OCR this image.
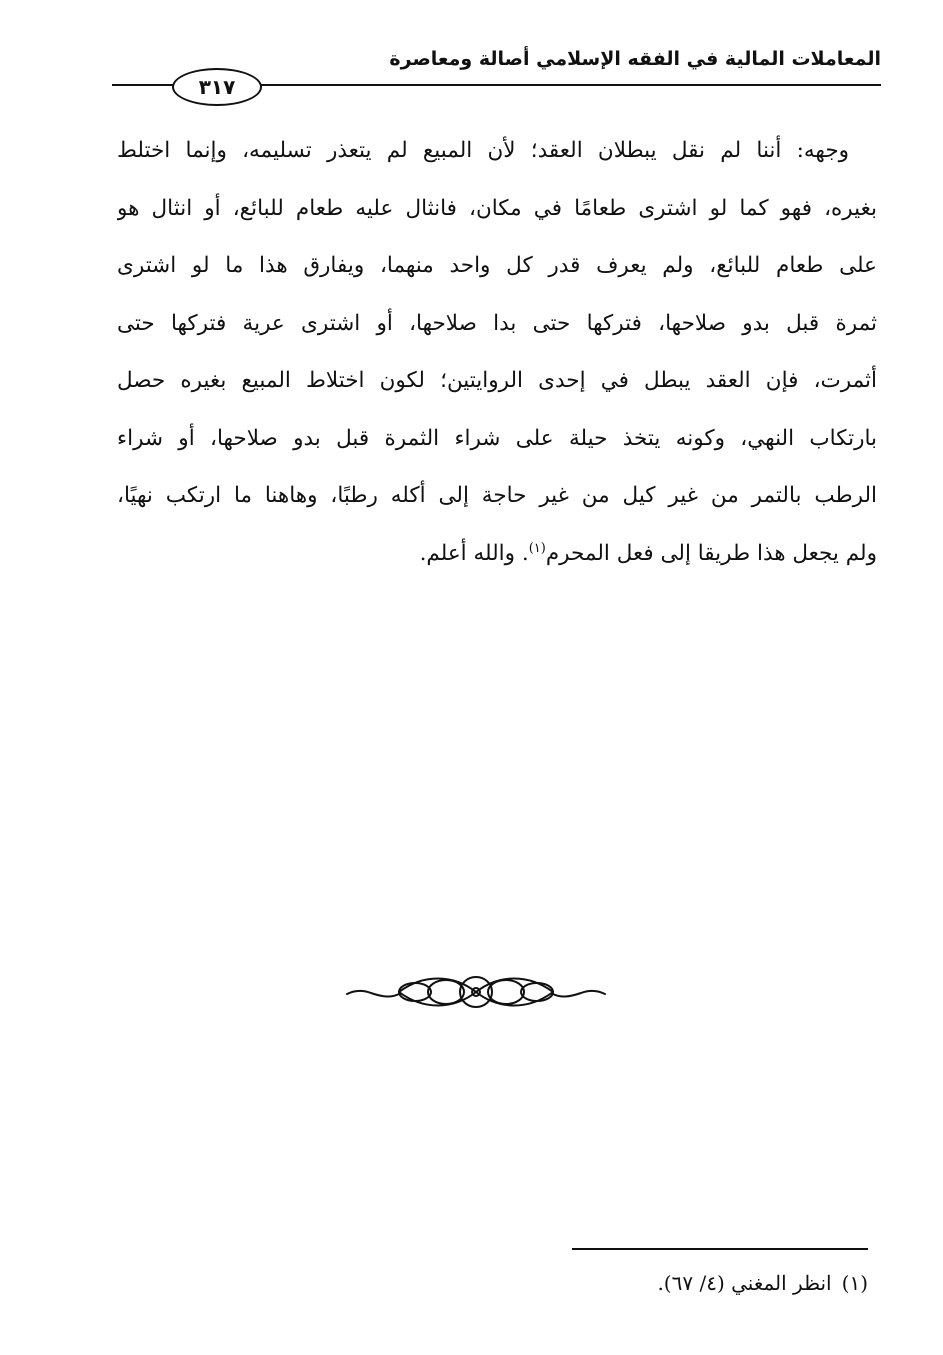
المعاملات المالية في الفقه الإسلامي أصالة ومعاصرة
٣١٧
وجهه: أننا لم نقل يبطلان العقد؛ لأن المبيع لم يتعذر تسليمه، وإنما اختلط
بغيره، فهو كما لو اشترى طعامًا في مكان، فانثال عليه طعام للبائع، أو انثال هو
على طعام للبائع، ولم يعرف قدر كل واحد منهما، ويفارق هذا ما لو اشترى
ثمرة قبل بدو صلاحها، فتركها حتى بدا صلاحها، أو اشترى عرية فتركها حتى
أثمرت، فإن العقد يبطل في إحدى الروايتين؛ لكون اختلاط المبيع بغيره حصل
بارتكاب النهي، وكونه يتخذ حيلة على شراء الثمرة قبل بدو صلاحها، أو شراء
الرطب بالتمر من غير كيل من غير حاجة إلى أكله رطبًا، وهاهنا ما ارتكب نهيًا،
ولم يجعل هذا طريقا إلى فعل المحرم$^{(١)}$. والله أعلم.
(١)انظر المغني (٤/ ٦٧).
